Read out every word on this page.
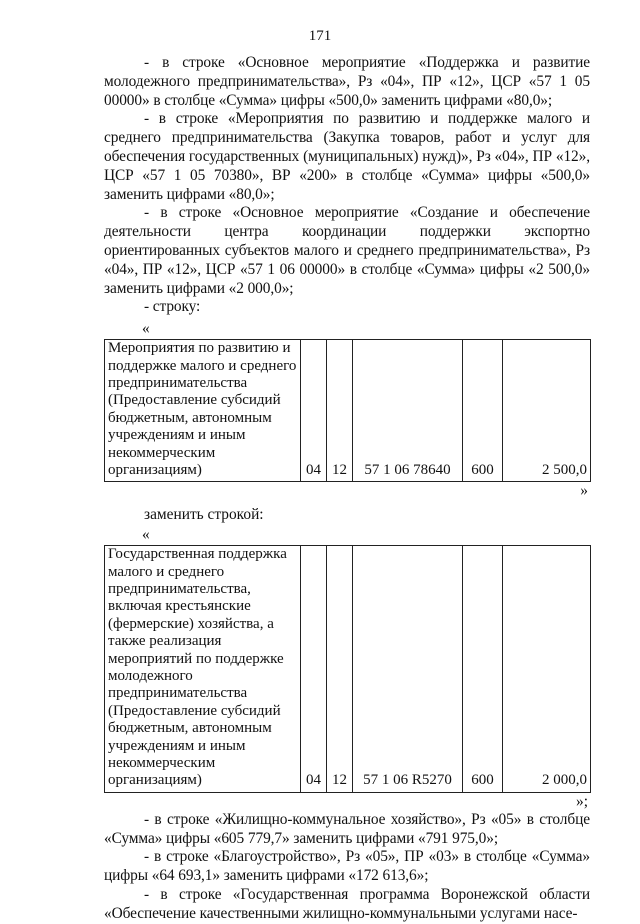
171

- в строке «Основное мероприятие «Поддержка и развитие молодежного предпринимательства», Рз «04», ПР «12», ЦСР «57 1 05 00000» в столбце «Сумма» цифры «500,0» заменить цифрами «80,0»;

- в строке «Мероприятия по развитию и поддержке малого и среднего предпринимательства (Закупка товаров, работ и услуг для обеспечения государственных (муниципальных) нужд)», Рз «04», ПР «12», ЦСР «57 1 05 70380», ВР «200» в столбце «Сумма» цифры «500,0» заменить цифрами «80,0»;

- в строке «Основное мероприятие «Создание и обеспечение деятельности центра координации поддержки экспортно ориентированных субъектов малого и среднего предпринимательства», Рз «04», ПР «12», ЦСР «57 1 06 00000» в столбце «Сумма» цифры «2 500,0» заменить цифрами «2 000,0»;

- строку:

«
Мероприятия по развитию и поддержке малого и среднего предпринимательства (Предоставление субсидий бюджетным, автономным учреждениям и иным некоммерческим организациям)	04	12	57 1 06 78640	600	2 500,0
»

заменить строкой:

«
Государственная поддержка малого и среднего предпринимательства, включая крестьянские (фермерские) хозяйства, а также реализация мероприятий по поддержке молодежного предпринимательства (Предоставление субсидий бюджетным, автономным учреждениям и иным некоммерческим организациям)	04	12	57 1 06 R5270	600	2 000,0
»;

- в строке «Жилищно-коммунальное хозяйство», Рз «05» в столбце «Сумма» цифры «605 779,7» заменить цифрами «791 975,0»;

- в строке «Благоустройство», Рз «05», ПР «03» в столбце «Сумма» цифры «64 693,1» заменить цифрами «172 613,6»;

- в строке «Государственная программа Воронежской области «Обеспечение качественными жилищно-коммунальными услугами насе-
